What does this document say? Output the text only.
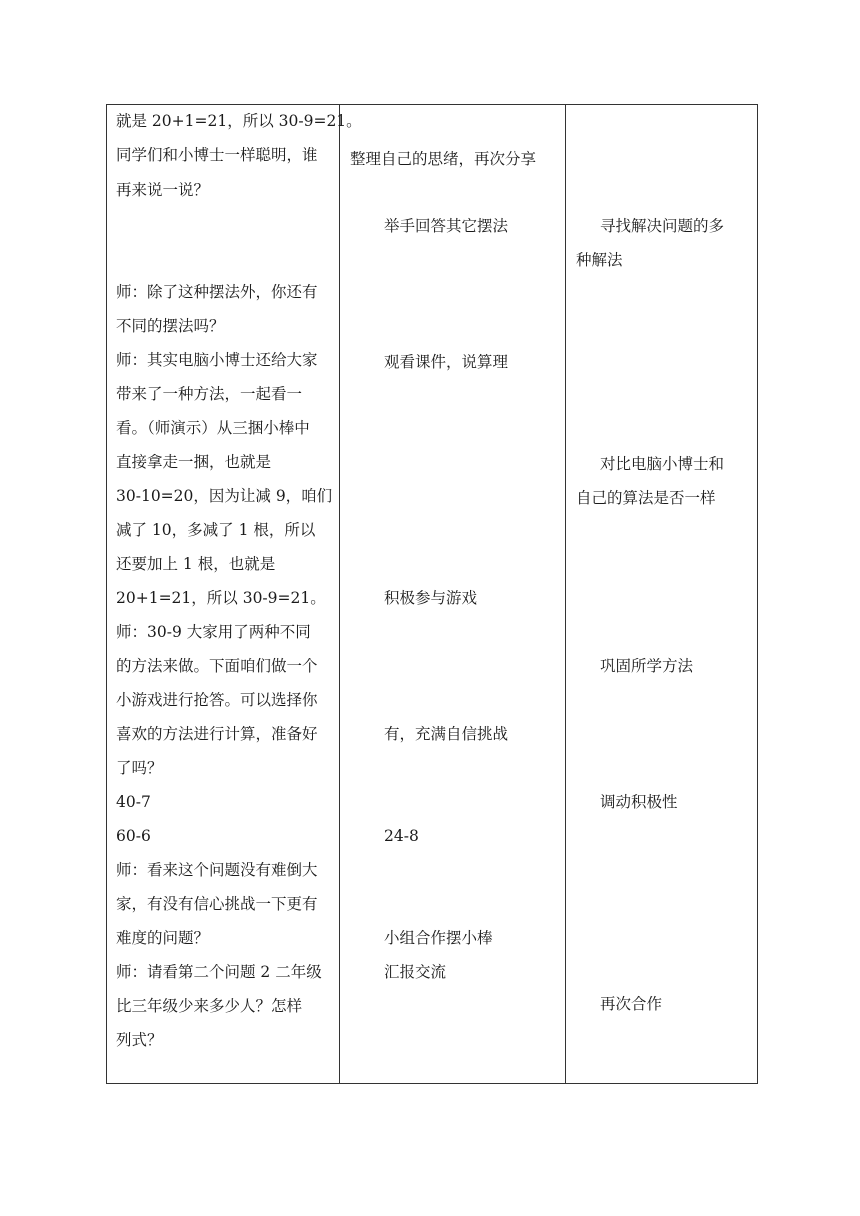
就是 20+1=21，所以 30-9=21。
同学们和小博士一样聪明，谁
再来说一说？
师：除了这种摆法外，你还有
不同的摆法吗？
师：其实电脑小博士还给大家
带来了一种方法，一起看一
看。（师演示）从三捆小棒中
直接拿走一捆，也就是
30-10=20，因为让减 9，咱们
减了 10，多减了 1 根，所以
还要加上 1 根，也就是
20+1=21，所以 30-9=21。
师：30-9 大家用了两种不同
的方法来做。下面咱们做一个
小游戏进行抢答。可以选择你
喜欢的方法进行计算，准备好
了吗？
40-7
60-6
师：看来这个问题没有难倒大
家，有没有信心挑战一下更有
难度的问题？
师：请看第二个问题 2 二年级
比三年级少来多少人？怎样
列式？
整理自己的思绪，再次分享
举手回答其它摆法
观看课件，说算理
积极参与游戏
有，充满自信挑战
24-8
小组合作摆小棒
汇报交流
寻找解决问题的多
种解法
对比电脑小博士和
自己的算法是否一样
巩固所学方法
调动积极性
再次合作
